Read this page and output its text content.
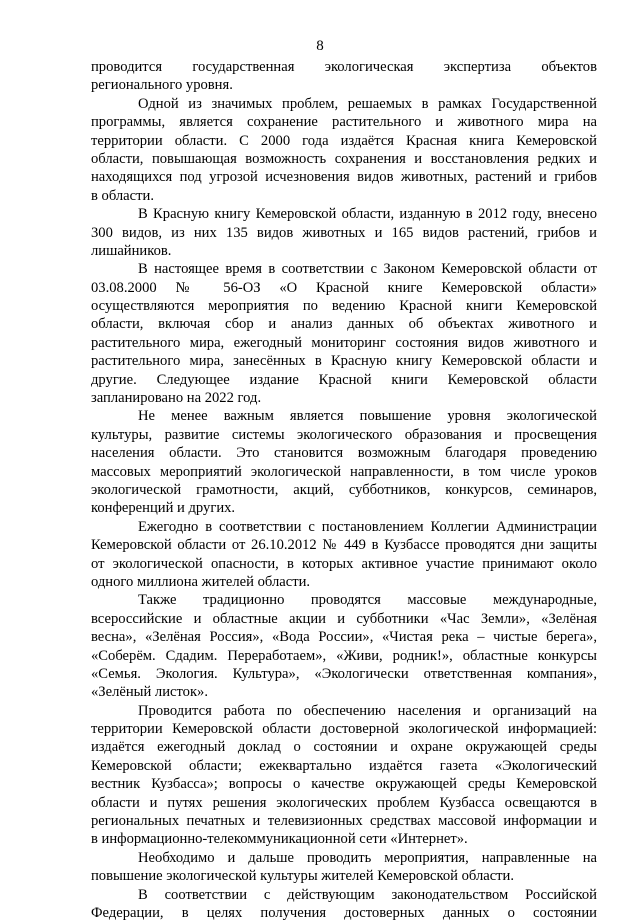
8
проводится государственная экологическая экспертиза объектов
регионального уровня.
Одной из значимых проблем, решаемых в рамках Государственной
программы, является сохранение растительного и животного мира на
территории области. С 2000 года издаётся Красная книга Кемеровской
области, повышающая возможность сохранения и восстановления редких и
находящихся под угрозой исчезновения видов животных, растений и грибов
в области.
В Красную книгу Кемеровской области, изданную в 2012 году, внесено
300 видов, из них 135 видов животных и 165 видов растений, грибов и
лишайников.
В настоящее время в соответствии с Законом Кемеровской области от
03.08.2000 № 56-ОЗ «О Красной книге Кемеровской области»
осуществляются мероприятия по ведению Красной книги Кемеровской
области, включая сбор и анализ данных об объектах животного и
растительного мира, ежегодный мониторинг состояния видов животного и
растительного мира, занесённых в Красную книгу Кемеровской области и
другие. Следующее издание Красной книги Кемеровской области
запланировано на 2022 год.
Не менее важным является повышение уровня экологической
культуры, развитие системы экологического образования и просвещения
населения области. Это становится возможным благодаря проведению
массовых мероприятий экологической направленности, в том числе уроков
экологической грамотности, акций, субботников, конкурсов, семинаров,
конференций и других.
Ежегодно в соответствии с постановлением Коллегии Администрации
Кемеровской области от 26.10.2012 № 449 в Кузбассе проводятся дни защиты
от экологической опасности, в которых активное участие принимают около
одного миллиона жителей области.
Также традиционно проводятся массовые международные,
всероссийские и областные акции и субботники «Час Земли», «Зелёная
весна», «Зелёная Россия», «Вода России», «Чистая река – чистые берега»,
«Соберём. Сдадим. Переработаем», «Живи, родник!», областные конкурсы
«Семья. Экология. Культура», «Экологически ответственная компания»,
«Зелёный листок».
Проводится работа по обеспечению населения и организаций на
территории Кемеровской области достоверной экологической информацией:
издаётся ежегодный доклад о состоянии и охране окружающей среды
Кемеровской области; ежеквартально издаётся газета «Экологический
вестник Кузбасса»; вопросы о качестве окружающей среды Кемеровской
области и путях решения экологических проблем Кузбасса освещаются в
региональных печатных и телевизионных средствах массовой информации и
в информационно-телекоммуникационной сети «Интернет».
Необходимо и дальше проводить мероприятия, направленные на
повышение экологической культуры жителей Кемеровской области.
В соответствии с действующим законодательством Российской
Федерации, в целях получения достоверных данных о состоянии
